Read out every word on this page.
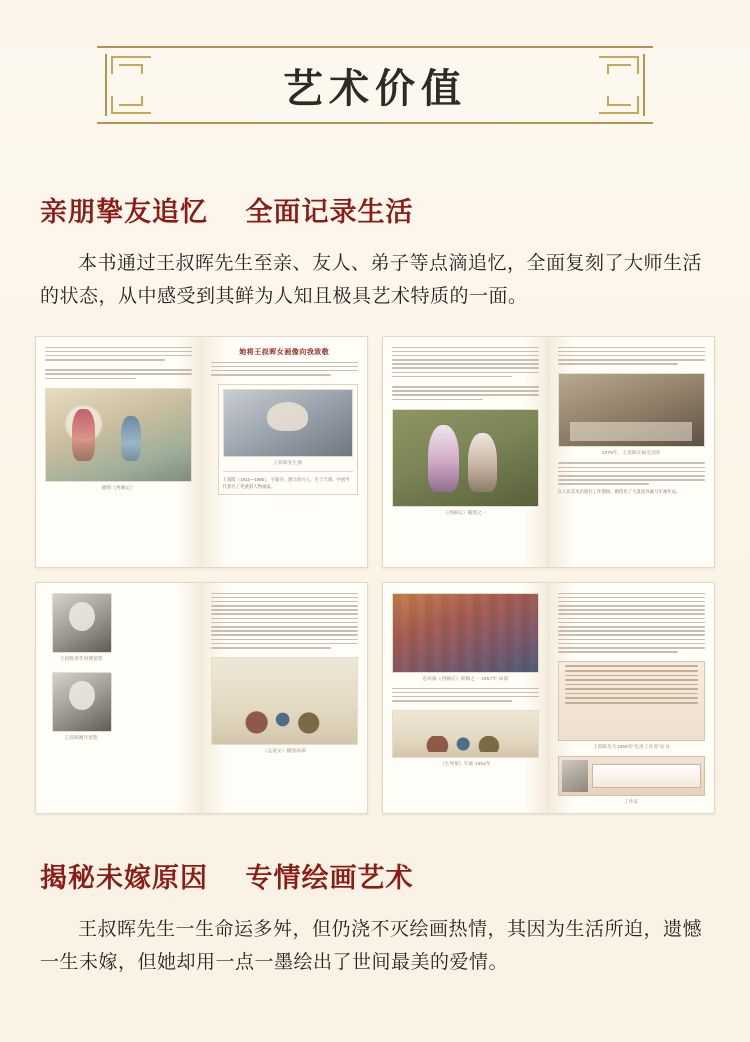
艺术价值
亲朋挚友追忆 全面记录生活
本书通过王叔晖先生至亲、友人、弟子等点滴追忆，全面复刻了大师生活的状态，从中感受到其鲜为人知且极具艺术特质的一面。
插图《西厢记》
她将王叔晖女画像向我致敬
王叔晖先生像
王叔晖（1912—1985），字郁芬，浙江绍兴人，生于天津。中国当代著名工笔重彩人物画家。
《西厢记》插图之一
1979年，王叔晖在画室创作
在人民美术出版社工作期间，她创作了大量连环画与年画作品。
王叔晖青年时期留影
王叔晖晚年留影
《孟姜女》插图局部
连环画《西厢记》原稿之一 1957年 局部
《生死恨》年画 1954年
王叔晖先生1958年“先进工作者”证书
工作证
揭秘未嫁原因 专情绘画艺术
王叔晖先生一生命运多舛，但仍浇不灭绘画热情，其因为生活所迫，遗憾一生未嫁，但她却用一点一墨绘出了世间最美的爱情。
